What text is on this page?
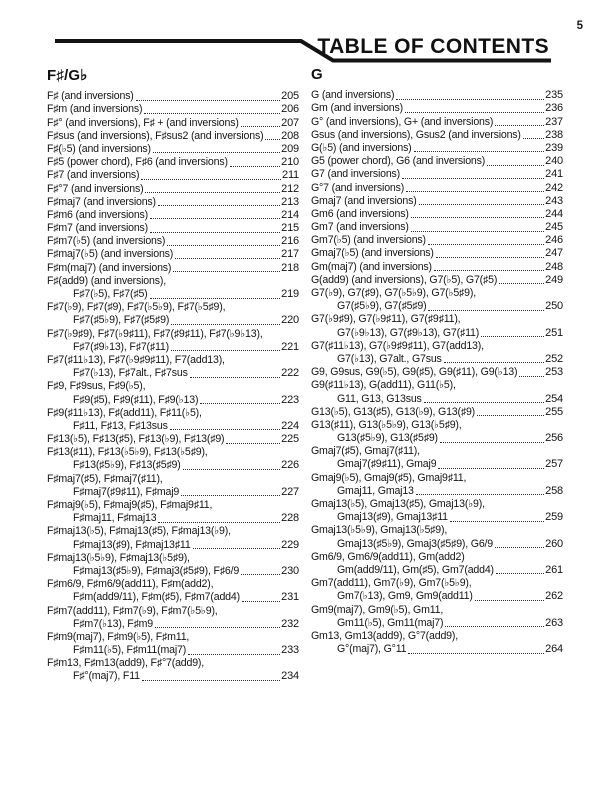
5
TABLE OF CONTENTS
F♯/G♭
F♯ (and inversions)	205
F♯m (and inversions)	206
F♯° (and inversions), F♯ + (and inversions)	207
F♯sus (and inversions), F♯sus2 (and inversions) 208
F♯(♭5) (and inversions)	209
F♯5 (power chord), F♯6 (and inversions)	210
F♯7 (and inversions)	211
F♯°7 (and inversions)	212
F♯maj7 (and inversions)	213
F♯m6 (and inversions)	214
F♯m7 (and inversions)	215
F♯m7(♭5) (and inversions)	216
F♯maj7(♭5) (and inversions)	217
F♯m(maj7) (and inversions)	218
F♯(add9) (and inversions),
F♯7(♭5), F♯7(♯5)	219
F♯7(♭9), F♯7(♯9), F♯7(♭5♭9), F♯7(♭5♯9),
F♯7(♯5♭9), F♯7(♯5♯9)	220
F♯7(♭9♯9), F♯7(♭9♯11), F♯7(♯9♯11), F♯7(♭9♭13),
F♯7(♯9♭13), F♯7(♯11)	221
F♯7(♯11♭13), F♯7(♭9♯9♯11), F7(add13),
F♯7(♭13), F♯7alt., F♯7sus	222
F♯9, F♯9sus, F♯9(♭5),
F♯9(♯5), F♯9(♯11), F♯9(♭13)	223
F♯9(♯11♭13), F♯(add11), F♯11(♭5),
F♯11, F♯13, F♯13sus	224
F♯13(♭5), F♯13(♯5), F♯13(♭9), F♯13(♯9)	225
F♯13(♯11), F♯13(♭5♭9), F♯13(♭5♯9),
F♯13(♯5♭9), F♯13(♯5♯9)	226
F♯maj7(♯5), F♯maj7(♯11),
F♯maj7(♯9♯11), F♯maj9	227
F♯maj9(♭5), F♯maj9(♯5), F♯maj9♯11,
F♯maj11, F♯maj13	228
F♯maj13(♭5), F♯maj13(♯5), F♯maj13(♭9),
F♯maj13(♯9), F♯maj13♯11	229
F♯maj13(♭5♭9), F♯maj13(♭5♯9),
F♯maj13(♯5♭9), F♯maj3(♯5♯9), F♯6/9	230
F♯m6/9, F♯m6/9(add11), F♯m(add2),
F♯m(add9/11), F♯m(♯5), F♯m7(add4)	231
F♯m7(add11), F♯m7(♭9), F♯m7(♭5♭9),
F♯m7(♭13), F♯m9	232
F♯m9(maj7), F♯m9(♭5), F♯m11,
F♯m11(♭5), F♯m11(maj7)	233
F♯m13, F♯m13(add9), F♯°7(add9),
F♯°(maj7), F11	234
G
G (and inversions)	235
Gm (and inversions)	236
G° (and inversions), G+ (and inversions)	237
Gsus (and inversions), Gsus2 (and inversions) 238
G(♭5) (and inversions)	239
G5 (power chord), G6 (and inversions)	240
G7 (and inversions)	241
G°7 (and inversions)	242
Gmaj7 (and inversions)	243
Gm6 (and inversions)	244
Gm7 (and inversions)	245
Gm7(♭5) (and inversions)	246
Gmaj7(♭5) (and inversions)	247
Gm(maj7) (and inversions)	248
G(add9) (and inversions), G7(♭5), G7(♯5)	249
G7(♭9), G7(♯9), G7(♭5♭9), G7(♭5♯9),
G7(♯5♭9), G7(♯5♯9)	250
G7(♭9♯9), G7(♭9♯11), G7(♯9♯11),
G7(♭9♭13), G7(♯9♭13), G7(♯11)	251
G7(♯11♭13), G7(♭9♯9♯11), G7(add13),
G7(♭13), G7alt., G7sus	252
G9, G9sus, G9(♭5), G9(♯5), G9(♯11), G9(♭13)	253
G9(♯11♭13), G(add11), G11(♭5),
G11, G13, G13sus	254
G13(♭5), G13(♯5), G13(♭9), G13(♯9)	255
G13(♯11), G13(♭5♭9), G13(♭5♯9),
G13(♯5♭9), G13(♯5♯9)	256
Gmaj7(♯5), Gmaj7(♯11),
Gmaj7(♯9♯11), Gmaj9	257
Gmaj9(♭5), Gmaj9(♯5), Gmaj9♯11,
Gmaj11, Gmaj13	258
Gmaj13(♭5), Gmaj13(♯5), Gmaj13(♭9),
Gmaj13(♯9), Gmaj13♯11	259
Gmaj13(♭5♭9), Gmaj13(♭5♯9),
Gmaj13(♯5♭9), Gmaj3(♯5♯9), G6/9	260
Gm6/9, Gm6/9(add11), Gm(add2)
Gm(add9/11), Gm(♯5), Gm7(add4)	261
Gm7(add11), Gm7(♭9), Gm7(♭5♭9),
Gm7(♭13), Gm9, Gm9(add11)	262
Gm9(maj7), Gm9(♭5), Gm11,
Gm11(♭5), Gm11(maj7)	263
Gm13, Gm13(add9), G°7(add9),
G°(maj7), G°11	264
